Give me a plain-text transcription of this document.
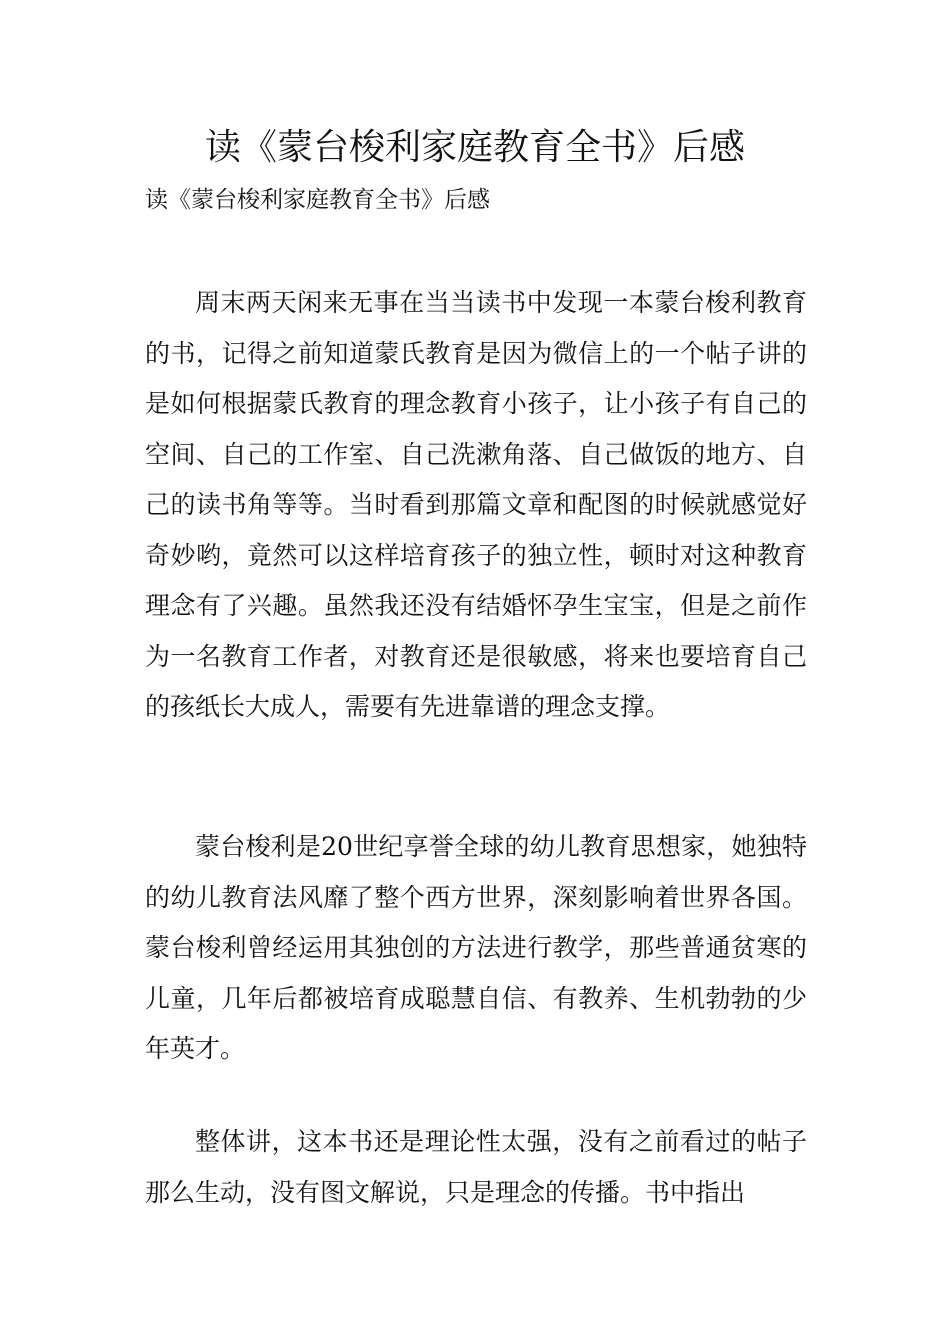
读《蒙台梭利家庭教育全书》后感
读《蒙台梭利家庭教育全书》后感

周末两天闲来无事在当当读书中发现一本蒙台梭利教育的书，记得之前知道蒙氏教育是因为微信上的一个帖子讲的是如何根据蒙氏教育的理念教育小孩子，让小孩子有自己的空间、自己的工作室、自己洗漱角落、自己做饭的地方、自己的读书角等等。当时看到那篇文章和配图的时候就感觉好奇妙哟，竟然可以这样培育孩子的独立性，顿时对这种教育理念有了兴趣。虽然我还没有结婚怀孕生宝宝，但是之前作为一名教育工作者，对教育还是很敏感，将来也要培育自己的孩纸长大成人，需要有先进靠谱的理念支撑。

蒙台梭利是20世纪享誉全球的幼儿教育思想家，她独特的幼儿教育法风靡了整个西方世界，深刻影响着世界各国。蒙台梭利曾经运用其独创的方法进行教学，那些普通贫寒的儿童，几年后都被培育成聪慧自信、有教养、生机勃勃的少年英才。

整体讲，这本书还是理论性太强，没有之前看过的帖子那么生动，没有图文解说，只是理念的传播。书中指出
